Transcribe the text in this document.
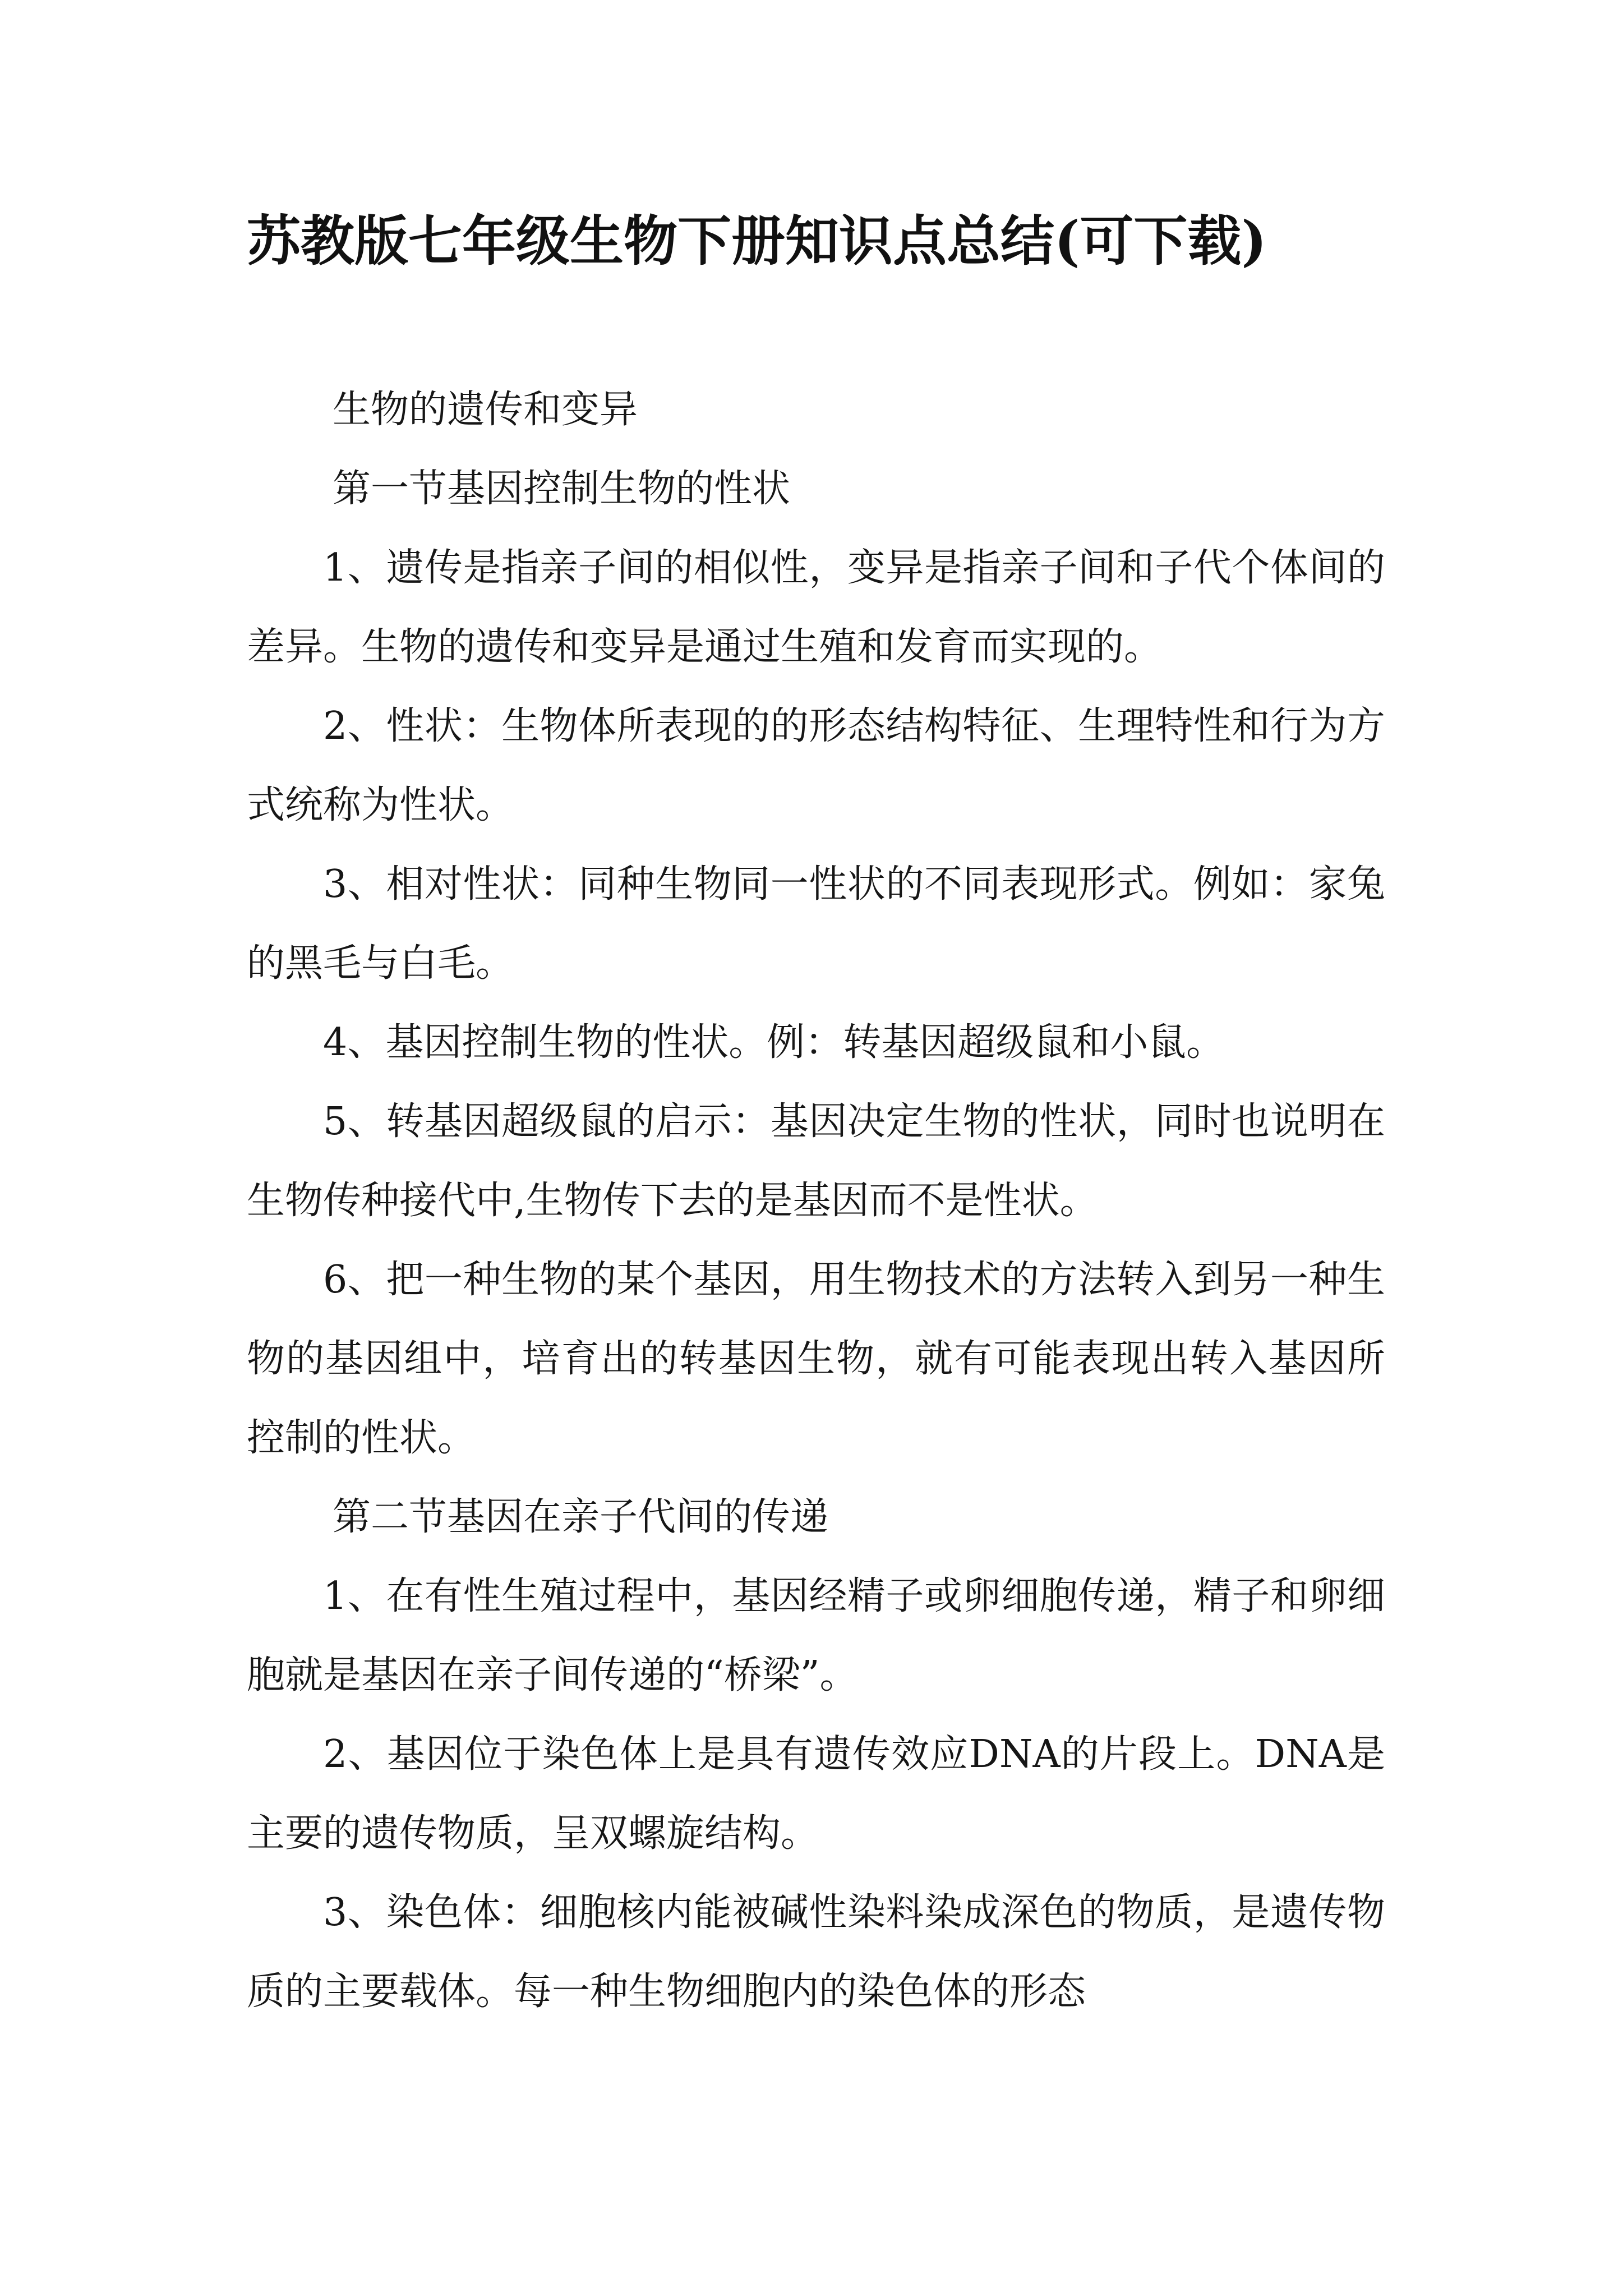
苏教版七年级生物下册知识点总结(可下载)

生物的遗传和变异

第一节基因控制生物的性状

1、遗传是指亲子间的相似性，变异是指亲子间和子代个体间的差异。生物的遗传和变异是通过生殖和发育而实现的。

2、性状：生物体所表现的的形态结构特征、生理特性和行为方式统称为性状。

3、相对性状：同种生物同一性状的不同表现形式。例如：家兔的黑毛与白毛。

4、基因控制生物的性状。例：转基因超级鼠和小鼠。

5、转基因超级鼠的启示：基因决定生物的性状，同时也说明在生物传种接代中,生物传下去的是基因而不是性状。

6、把一种生物的某个基因，用生物技术的方法转入到另一种生物的基因组中，培育出的转基因生物，就有可能表现出转入基因所控制的性状。

第二节基因在亲子代间的传递

1、在有性生殖过程中，基因经精子或卵细胞传递，精子和卵细胞就是基因在亲子间传递的“桥梁”。

2、基因位于染色体上是具有遗传效应DNA的片段上。DNA是主要的遗传物质，呈双螺旋结构。

3、染色体：细胞核内能被碱性染料染成深色的物质，是遗传物质的主要载体。每一种生物细胞内的染色体的形态
